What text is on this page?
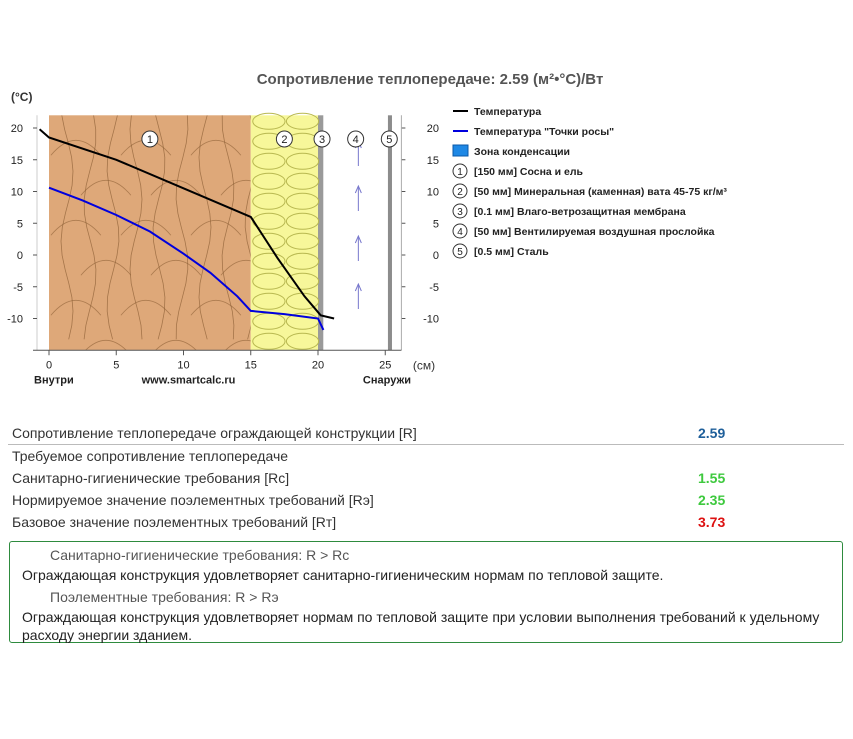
Сопротивление теплопередаче: 2.59 (м²•°C)/Вт
(°C)
20	20
15	15
10	10
5	5
0	0
-5	-5
-10	-10
0	5	10	15	20	25 (см)
Внутри	www.smartcalc.ru	Снаружи
1	2	3	4	5
Температура
Температура "Точки росы"
Зона конденсации
1 [150 мм] Сосна и ель
2 [50 мм] Минеральная (каменная) вата 45-75 кг/м³
3 [0.1 мм] Влаго-ветрозащитная мембрана
4 [50 мм] Вентилируемая воздушная прослойка
5 [0.5 мм] Сталь
Сопротивление теплопередаче ограждающей конструкции [R]	2.59
Требуемое сопротивление теплопередаче
Санитарно-гигиенические требования [Rc]	1.55
Нормируемое значение поэлементных требований [Rэ]	2.35
Базовое значение поэлементных требований [Rт]	3.73
Санитарно-гигиенические требования: R > Rc
Ограждающая конструкция удовлетворяет санитарно-гигиеническим нормам по тепловой защите.
Поэлементные требования: R > Rэ
Ограждающая конструкция удовлетворяет нормам по тепловой защите при условии выполнения требований к удельному
расходу энергии зданием.
